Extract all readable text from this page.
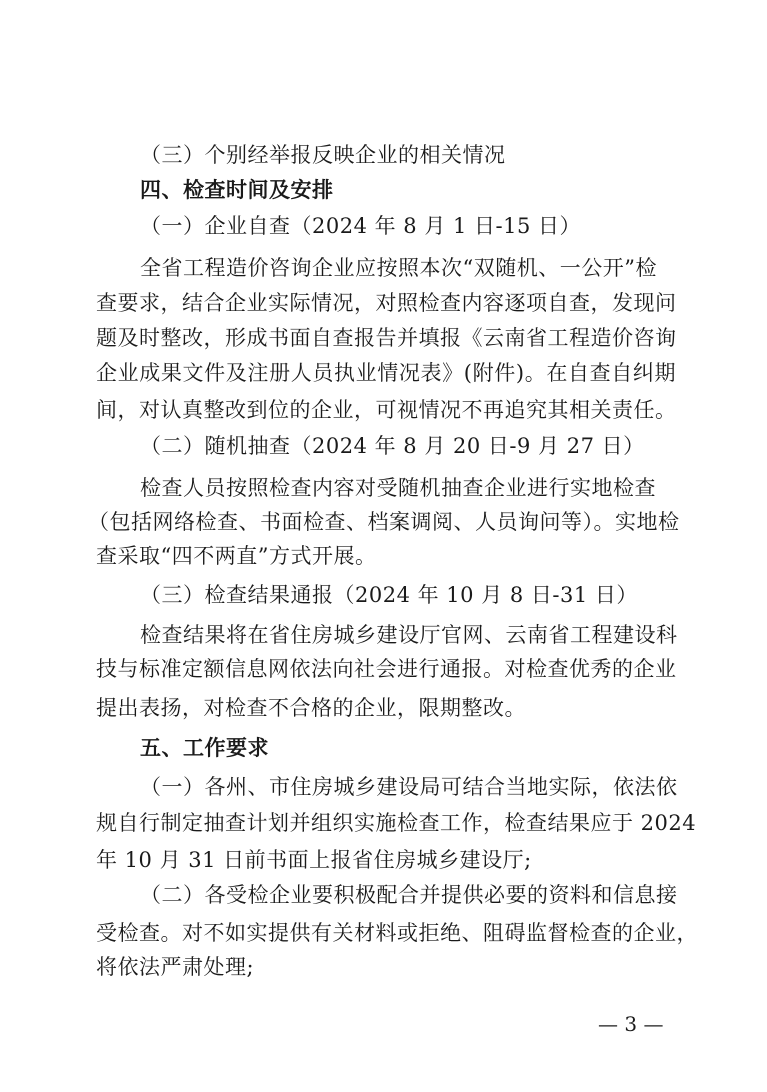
（三）个别经举报反映企业的相关情况
四、检查时间及安排
（一）企业自查（2024 年 8 月 1 日-15 日）
全省工程造价咨询企业应按照本次“双随机、一公开”检
查要求，结合企业实际情况，对照检查内容逐项自查，发现问
题及时整改，形成书面自查报告并填报《云南省工程造价咨询
企业成果文件及注册人员执业情况表》(附件)。在自查自纠期
间，对认真整改到位的企业，可视情况不再追究其相关责任。
（二）随机抽查（2024 年 8 月 20 日-9 月 27 日）
检查人员按照检查内容对受随机抽查企业进行实地检查
（包括网络检查、书面检查、档案调阅、人员询问等）。实地检
查采取“四不两直”方式开展。
（三）检查结果通报（2024 年 10 月 8 日-31 日）
检查结果将在省住房城乡建设厅官网、云南省工程建设科
技与标准定额信息网依法向社会进行通报。对检查优秀的企业
提出表扬，对检查不合格的企业，限期整改。
五、工作要求
（一）各州、市住房城乡建设局可结合当地实际，依法依
规自行制定抽查计划并组织实施检查工作，检查结果应于 2024
年 10 月 31 日前书面上报省住房城乡建设厅;
（二）各受检企业要积极配合并提供必要的资料和信息接
受检查。对不如实提供有关材料或拒绝、阻碍监督检查的企业，
将依法严肃处理;
— 3 —
